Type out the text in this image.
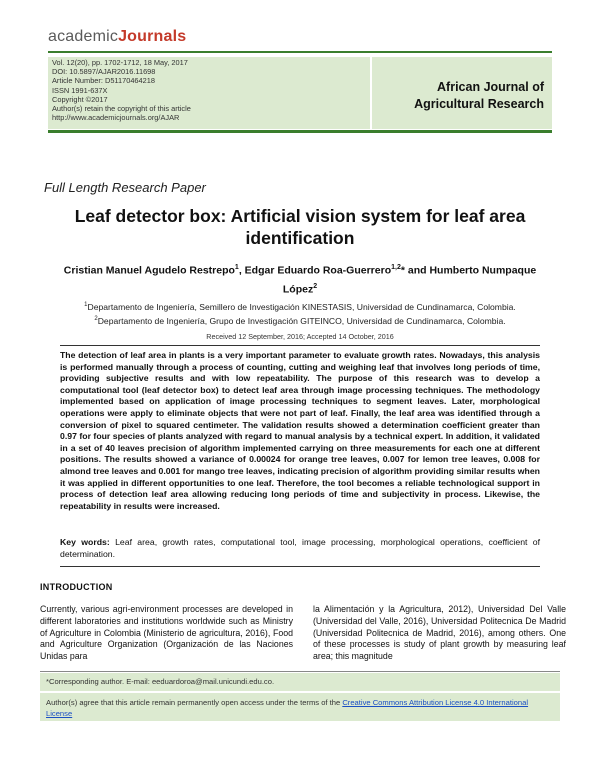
academicJournals
Vol. 12(20), pp. 1702-1712, 18 May, 2017
DOI: 10.5897/AJAR2016.11698
Article Number: D51170464218
ISSN 1991-637X
Copyright ©2017
Author(s) retain the copyright of this article
http://www.academicjournals.org/AJAR
African Journal of Agricultural Research
Full Length Research Paper
Leaf detector box: Artificial vision system for leaf area identification
Cristian Manuel Agudelo Restrepo$^1$, Edgar Eduardo Roa-Guerrero$^{1,2}$* and Humberto Numpaque López$^2$
$^1$Departamento de Ingeniería, Semillero de Investigación KINESTASIS, Universidad de Cundinamarca, Colombia.
$^2$Departamento de Ingeniería, Grupo de Investigación GITEINCO, Universidad de Cundinamarca, Colombia.
Received 12 September, 2016; Accepted 14 October, 2016
The detection of leaf area in plants is a very important parameter to evaluate growth rates. Nowadays, this analysis is performed manually through a process of counting, cutting and weighing leaf that involves long periods of time, providing subjective results and with low repeatability. The purpose of this research was to develop a computational tool (leaf detector box) to detect leaf area through image processing techniques. The methodology implemented based on application of image processing techniques to segment leaves. Later, morphological operations were apply to eliminate objects that were not part of leaf. Finally, the leaf area was identified through a conversion of pixel to squared centimeter. The validation results showed a determination coefficient greater than 0.97 for four species of plants analyzed with regard to manual analysis by a technical expert. In addition, it validated in a set of 40 leaves precision of algorithm implemented carrying on three measurements for each one at different positions. The results showed a variance of 0.00024 for orange tree leaves, 0.007 for lemon tree leaves, 0.008 for almond tree leaves and 0.001 for mango tree leaves, indicating precision of algorithm providing similar results when it was applied in different opportunities to one leaf. Therefore, the tool becomes a reliable technological support in process of detection leaf area allowing reducing long periods of time and subjectivity in process. Likewise, the repeatability in results were increased.
Key words: Leaf area, growth rates, computational tool, image processing, morphological operations, coefficient of determination.
INTRODUCTION
Currently, various agri-environment processes are developed in different laboratories and institutions worldwide such as Ministry of Agriculture in Colombia (Ministerio de agricultura, 2016), Food and Agriculture Organization (Organización de las Naciones Unidas para
la Alimentación y la Agricultura, 2012), Universidad Del Valle (Universidad del Valle, 2016), Universidad Politecnica De Madrid (Universidad Politecnica de Madrid, 2016), among others. One of these processes is study of plant growth by measuring leaf area; this magnitude
*Corresponding author. E-mail: eeduardoroa@mail.unicundi.edu.co.
Author(s) agree that this article remain permanently open access under the terms of the Creative Commons Attribution License 4.0 International License
